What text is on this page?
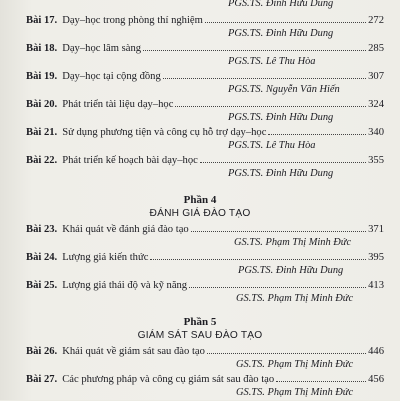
PGS.TS. Đinh Hữu Dung
Bài 17. Dạy–học trong phòng thí nghiệm	272
PGS.TS. Đinh Hữu Dung
Bài 18. Dạy–học lâm sàng	285
PGS.TS. Lê Thu Hòa
Bài 19. Dạy–học tại cộng đồng	307
PGS.TS. Nguyễn Văn Hiến
Bài 20. Phát triển tài liệu dạy–học	324
PGS.TS. Đinh Hữu Dung
Bài 21. Sử dụng phương tiện và công cụ hỗ trợ dạy–học	340
PGS.TS. Lê Thu Hòa
Bài 22. Phát triển kế hoạch bài dạy–học	355
PGS.TS. Đinh Hữu Dung
Phần 4
ĐÁNH GIÁ ĐÀO TẠO
Bài 23. Khái quát về đánh giá đào tạo	371
GS.TS. Phạm Thị Minh Đức
Bài 24. Lượng giá kiến thức	395
PGS.TS. Đinh Hữu Dung
Bài 25. Lượng giá thái độ và kỹ năng	413
GS.TS. Phạm Thị Minh Đức
Phần 5
GIÁM SÁT SAU ĐÀO TẠO
Bài 26. Khái quát về giám sát sau đào tạo	446
GS.TS. Phạm Thị Minh Đức
Bài 27. Các phương pháp và công cụ giám sát sau đào tạo	456
GS.TS. Phạm Thị Minh Đức
